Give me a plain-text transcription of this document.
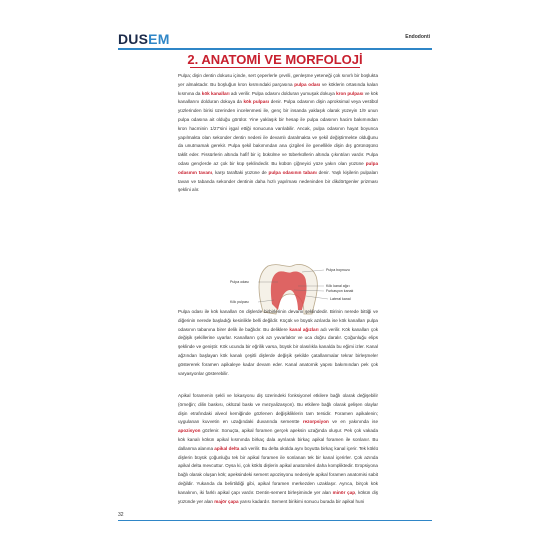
DUSEM	Endodonti
2. ANATOMİ VE MORFOLOJİ
Pulpa; dişin dentin dokusu içinde, sert çeperlerle çevrili, genleşme yeteneği çok sınırlı bir boşlukta yer almaktadır. Bu boşluğun kron kısmındaki parçasına pulpa odası ve köklerin ortasında kalan kısmına da kök kanalları adı verilir. Pulpa odasını dolduran yumuşak dokuya kron pulpası ve kök kanallarını dolduran dokuya da kök pulpası denir. Pulpa odasının dişin aproksimal veya vestibül yüzlerinden birisi üzerinden incelenmesi ile, genç bir insanda yaklaşık olarak yüzeyin 1/9 unun pulpa odasına ait olduğu görülür. Yine yaklaşık bir hesap ile pulpa odasının hacim bakımından kron hacminin 1/27'sini işgal ettiği sonucuna varılabilir. Ancak, pulpa odasının hayat boyunca yapılmakta olan sekonder dentin nedeni ile devamlı daralmakta ve şekil değiştirmekte olduğunu da unutmamak gerekir. Pulpa şekil bakımından ana çizgileri ile genellikle dişin dış görünüşünü taklit eder. Fissürlerin altında hafif bir iç bükülme ve tüberküllerin altında çıkıntıları vardır. Pulpa odası gençlerde az çok bir küp şeklindedir. Bu kübün çiğneyici yüze yakın olan yüzüne pulpa odasının tavanı, karşı taraftaki yüzüne de pulpa odasının tabanı denir. Yaşlı kişilerin pulpaları tavan ve tabanda sekonder dentinin daha hızlı yapılması nedeninden bir dikdörtgenler prizması şeklini alır.
Pulpa boynuzu
Pulpa odası
Kök kanal ağzı
Furkasyon kanalı
Lateral kanal
Kök pulpası
Pulpa odası ile kök kanalları ön dişlerde birbirlerinin devamı şeklindedir. Birinin nerede bittiği ve diğerinin nerede başladığı kesinlikle belli değildir. Küçük ve büyük azılarda ise kök kanalları pulpa odasının tabanına birer delik ile bağlıdır. Bu deliklere kanal ağızları adı verilir. Kök kanalları çok değişik şekillerine uyarlar. Kanalların çok azı yuvarlaktır ve uca doğru daralır. Çoğunluğu elips şeklinde ve geniştir. Kök ucunda bir eğrilik varsa, büyük bir olasılıkla kanalda bu eğimi izler. Kanal ağzından başlayan kök kanalı çeşitli dişlerde değişik şekilde çatallanmalar tekrar birleşmeler göstererek foramen apikaleye kadar devam eder. Kanal anatomik yapısı bakımından pek çok varyasyonlar gösterebilir.
Apikal foramenin şekli ve lokasyonu diş üzerindeki fonksiyonel etkilere bağlı olarak değişebilir (örneğin; dilin baskısı, oklüzal baskı ve mezyalizasyon). Bu etkilere bağlı olarak gelişen olaylar dişin etrafındaki alveol kemiğinde gözlenen değişikliklerin tam tersidir. Foramen apikalenin; uygulanan kuvvetin en uzağındaki duvarında sementte rezorpsiyon ve en yakınında ise apozisyon gözlenir. Sonuçta, apikal foramen gerçek apeksin uzağında oluşur. Pek çok vakada kök kanalı kökün apikal kısmında birkaç dala ayrılarak birkaç apikal foramen ile sonlanır. Bu dallanma alanına apikal delta adı verilir. Bu delta okülda aynı boyutta birkaç kanal içerir. Tek köklü dişlerin büyük çoğunluğu tek bir apikal foramen ile sonlanan tek bir kanal içerirler. Çok azında apikal delta mevcuttur. Oysa ki, çok köklü dişlerin apikal anatomileri daha kompliktedir. Eropsiyona bağlı olarak oluşan kök; apeksindeki sement apozisyonu nedeniyle apikal foramen anatomisi sabit değildir. Yukarıda da belirtildiği gibi, apikal foramen merkezden uzaklaşır. Ayrıca, birçok kök kanalının, iki farklı apikal çapı vardır. Dentin-sement birleşiminde yer alan minör çap, kökün diş yüzünde yer alan majör çapa yarısı kadardır. Sement birikimi sonucu burada bir apikal huni
32
